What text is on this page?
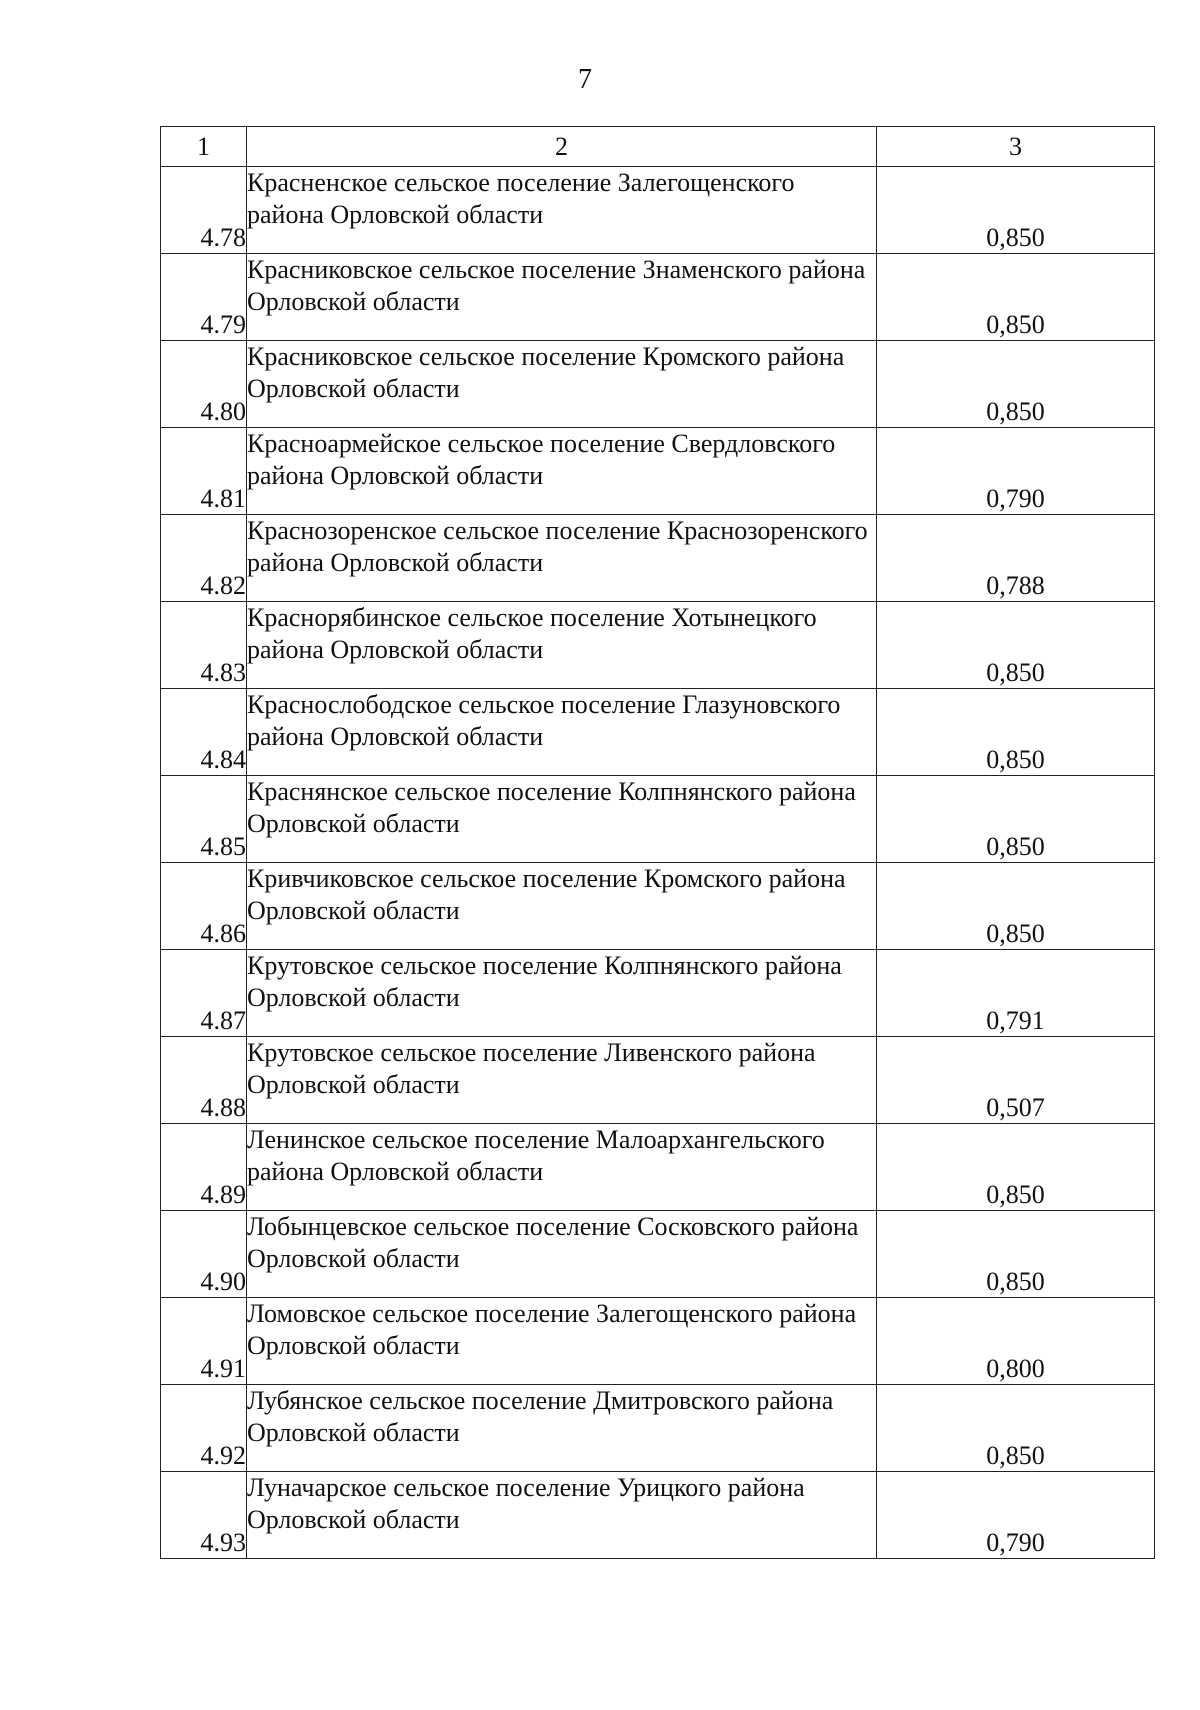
7
1	2	3
4.78	Красненское сельское поселение Залегощенского района Орловской области	0,850
4.79	Красниковское сельское поселение Знаменского района Орловской области	0,850
4.80	Красниковское сельское поселение Кромского района Орловской области	0,850
4.81	Красноармейское сельское поселение Свердловского района Орловской области	0,790
4.82	Краснозоренское сельское поселение Краснозоренского района Орловской области	0,788
4.83	Краснорябинское сельское поселение Хотынецкого района Орловской области	0,850
4.84	Краснослободское сельское поселение Глазуновского района Орловской области	0,850
4.85	Краснянское сельское поселение Колпнянского района Орловской области	0,850
4.86	Кривчиковское сельское поселение Кромского района Орловской области	0,850
4.87	Крутовское сельское поселение Колпнянского района Орловской области	0,791
4.88	Крутовское сельское поселение Ливенского района Орловской области	0,507
4.89	Ленинское сельское поселение Малоархангельского района Орловской области	0,850
4.90	Лобынцевское сельское поселение Сосковского района Орловской области	0,850
4.91	Ломовское сельское поселение Залегощенского района Орловской области	0,800
4.92	Лубянское сельское поселение Дмитровского района Орловской области	0,850
4.93	Луначарское сельское поселение Урицкого района Орловской области	0,790
